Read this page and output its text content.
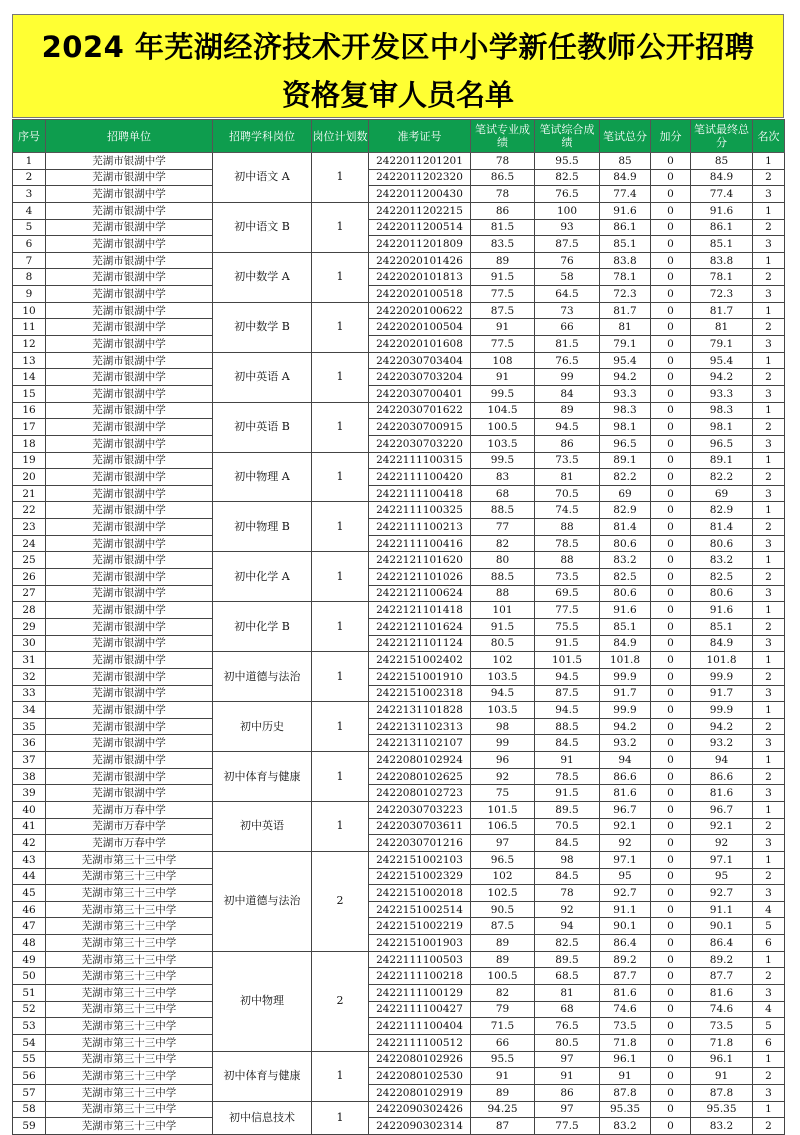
2024 年芜湖经济技术开发区中小学新任教师公开招聘
资格复审人员名单
序号	招聘单位	招聘学科岗位	岗位计划数	准考证号	笔试专业成绩	笔试综合成绩	笔试总分	加分	笔试最终总分	名次
1	芜湖市银湖中学	初中语文 A	1	2422011201201	78	95.5	85	0	85	1
2	芜湖市银湖中学			2422011202320	86.5	82.5	84.9	0	84.9	2
3	芜湖市银湖中学			2422011200430	78	76.5	77.4	0	77.4	3
4	芜湖市银湖中学	初中语文 B	1	2422011202215	86	100	91.6	0	91.6	1
5	芜湖市银湖中学			2422011200514	81.5	93	86.1	0	86.1	2
6	芜湖市银湖中学			2422011201809	83.5	87.5	85.1	0	85.1	3
7	芜湖市银湖中学	初中数学 A	1	2422020101426	89	76	83.8	0	83.8	1
8	芜湖市银湖中学			2422020101813	91.5	58	78.1	0	78.1	2
9	芜湖市银湖中学			2422020100518	77.5	64.5	72.3	0	72.3	3
10	芜湖市银湖中学	初中数学 B	1	2422020100622	87.5	73	81.7	0	81.7	1
11	芜湖市银湖中学			2422020100504	91	66	81	0	81	2
12	芜湖市银湖中学			2422020101608	77.5	81.5	79.1	0	79.1	3
13	芜湖市银湖中学	初中英语 A	1	2422030703404	108	76.5	95.4	0	95.4	1
14	芜湖市银湖中学			2422030703204	91	99	94.2	0	94.2	2
15	芜湖市银湖中学			2422030700401	99.5	84	93.3	0	93.3	3
16	芜湖市银湖中学	初中英语 B	1	2422030701622	104.5	89	98.3	0	98.3	1
17	芜湖市银湖中学			2422030700915	100.5	94.5	98.1	0	98.1	2
18	芜湖市银湖中学			2422030703220	103.5	86	96.5	0	96.5	3
19	芜湖市银湖中学	初中物理 A	1	2422111100315	99.5	73.5	89.1	0	89.1	1
20	芜湖市银湖中学			2422111100420	83	81	82.2	0	82.2	2
21	芜湖市银湖中学			2422111100418	68	70.5	69	0	69	3
22	芜湖市银湖中学	初中物理 B	1	2422111100325	88.5	74.5	82.9	0	82.9	1
23	芜湖市银湖中学			2422111100213	77	88	81.4	0	81.4	2
24	芜湖市银湖中学			2422111100416	82	78.5	80.6	0	80.6	3
25	芜湖市银湖中学	初中化学 A	1	2422121101620	80	88	83.2	0	83.2	1
26	芜湖市银湖中学			2422121101026	88.5	73.5	82.5	0	82.5	2
27	芜湖市银湖中学			2422121100624	88	69.5	80.6	0	80.6	3
28	芜湖市银湖中学	初中化学 B	1	2422121101418	101	77.5	91.6	0	91.6	1
29	芜湖市银湖中学			2422121101624	91.5	75.5	85.1	0	85.1	2
30	芜湖市银湖中学			2422121101124	80.5	91.5	84.9	0	84.9	3
31	芜湖市银湖中学	初中道德与法治	1	2422151002402	102	101.5	101.8	0	101.8	1
32	芜湖市银湖中学			2422151001910	103.5	94.5	99.9	0	99.9	2
33	芜湖市银湖中学			2422151002318	94.5	87.5	91.7	0	91.7	3
34	芜湖市银湖中学	初中历史	1	2422131101828	103.5	94.5	99.9	0	99.9	1
35	芜湖市银湖中学			2422131102313	98	88.5	94.2	0	94.2	2
36	芜湖市银湖中学			2422131102107	99	84.5	93.2	0	93.2	3
37	芜湖市银湖中学	初中体育与健康	1	2422080102924	96	91	94	0	94	1
38	芜湖市银湖中学			2422080102625	92	78.5	86.6	0	86.6	2
39	芜湖市银湖中学			2422080102723	75	91.5	81.6	0	81.6	3
40	芜湖市万春中学	初中英语	1	2422030703223	101.5	89.5	96.7	0	96.7	1
41	芜湖市万春中学			2422030703611	106.5	70.5	92.1	0	92.1	2
42	芜湖市万春中学			2422030701216	97	84.5	92	0	92	3
43	芜湖市第三十三中学	初中道德与法治	2	2422151002103	96.5	98	97.1	0	97.1	1
44	芜湖市第三十三中学			2422151002329	102	84.5	95	0	95	2
45	芜湖市第三十三中学			2422151002018	102.5	78	92.7	0	92.7	3
46	芜湖市第三十三中学			2422151002514	90.5	92	91.1	0	91.1	4
47	芜湖市第三十三中学			2422151002219	87.5	94	90.1	0	90.1	5
48	芜湖市第三十三中学			2422151001903	89	82.5	86.4	0	86.4	6
49	芜湖市第三十三中学	初中物理	2	2422111100503	89	89.5	89.2	0	89.2	1
50	芜湖市第三十三中学			2422111100218	100.5	68.5	87.7	0	87.7	2
51	芜湖市第三十三中学			2422111100129	82	81	81.6	0	81.6	3
52	芜湖市第三十三中学			2422111100427	79	68	74.6	0	74.6	4
53	芜湖市第三十三中学			2422111100404	71.5	76.5	73.5	0	73.5	5
54	芜湖市第三十三中学			2422111100512	66	80.5	71.8	0	71.8	6
55	芜湖市第三十三中学	初中体育与健康	1	2422080102926	95.5	97	96.1	0	96.1	1
56	芜湖市第三十三中学			2422080102530	91	91	91	0	91	2
57	芜湖市第三十三中学			2422080102919	89	86	87.8	0	87.8	3
58	芜湖市第三十三中学	初中信息技术	1	2422090302426	94.25	97	95.35	0	95.35	1
59	芜湖市第三十三中学			2422090302314	87	77.5	83.2	0	83.2	2
